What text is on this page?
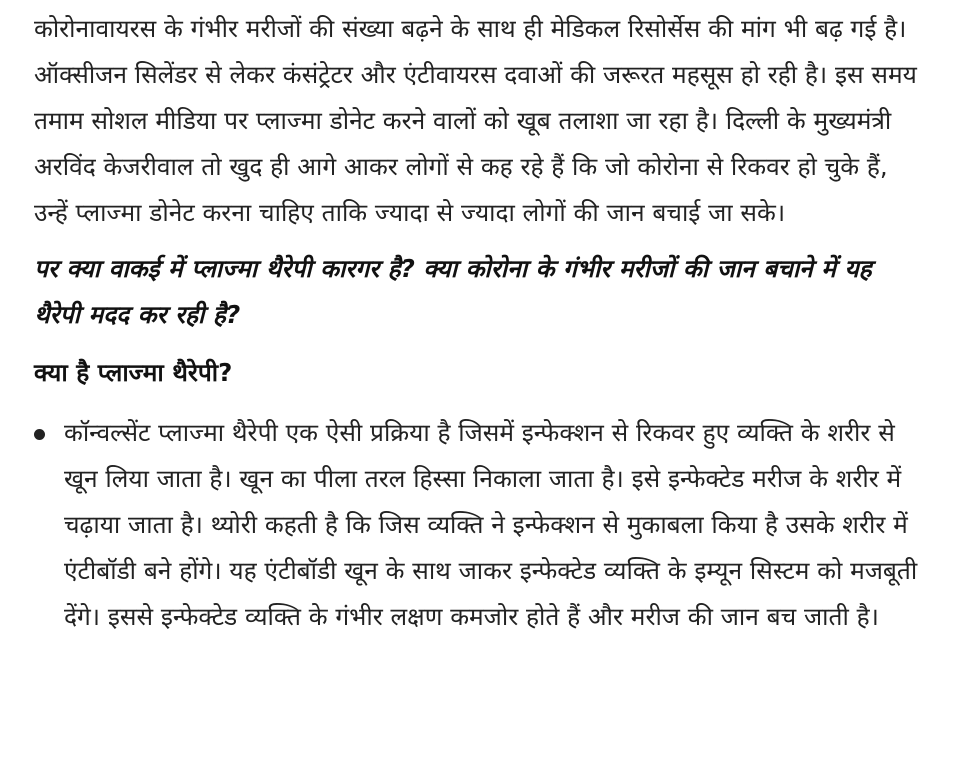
कोरोनावायरस के गंभीर मरीजों की संख्या बढ़ने के साथ ही मेडिकल रिसोर्सेस की मांग भी बढ़ गई है। ऑक्सीजन सिलेंडर से लेकर कंसंट्रेटर और एंटीवायरस दवाओं की जरूरत महसूस हो रही है। इस समय तमाम सोशल मीडिया पर प्लाज्मा डोनेट करने वालों को खूब तलाशा जा रहा है। दिल्ली के मुख्यमंत्री अरविंद केजरीवाल तो खुद ही आगे आकर लोगों से कह रहे हैं कि जो कोरोना से रिकवर हो चुके हैं, उन्हें प्लाज्मा डोनेट करना चाहिए ताकि ज्यादा से ज्यादा लोगों की जान बचाई जा सके।

पर क्या वाकई में प्लाज्मा थैरेपी कारगर है? क्या कोरोना के गंभीर मरीजों की जान बचाने में यह थैरेपी मदद कर रही है?

क्या है प्लाज्मा थैरेपी?
कॉन्वल्सेंट प्लाज्मा थैरेपी एक ऐसी प्रक्रिया है जिसमें इन्फेक्शन से रिकवर हुए व्यक्ति के शरीर से खून लिया जाता है। खून का पीला तरल हिस्सा निकाला जाता है। इसे इन्फेक्टेड मरीज के शरीर में चढ़ाया जाता है। थ्योरी कहती है कि जिस व्यक्ति ने इन्फेक्शन से मुकाबला किया है उसके शरीर में एंटीबॉडी बने होंगे। यह एंटीबॉडी खून के साथ जाकर इन्फेक्टेड व्यक्ति के इम्यून सिस्टम को मजबूती देंगे। इससे इन्फेक्टेड व्यक्ति के गंभीर लक्षण कमजोर होते हैं और मरीज की जान बच जाती है।
